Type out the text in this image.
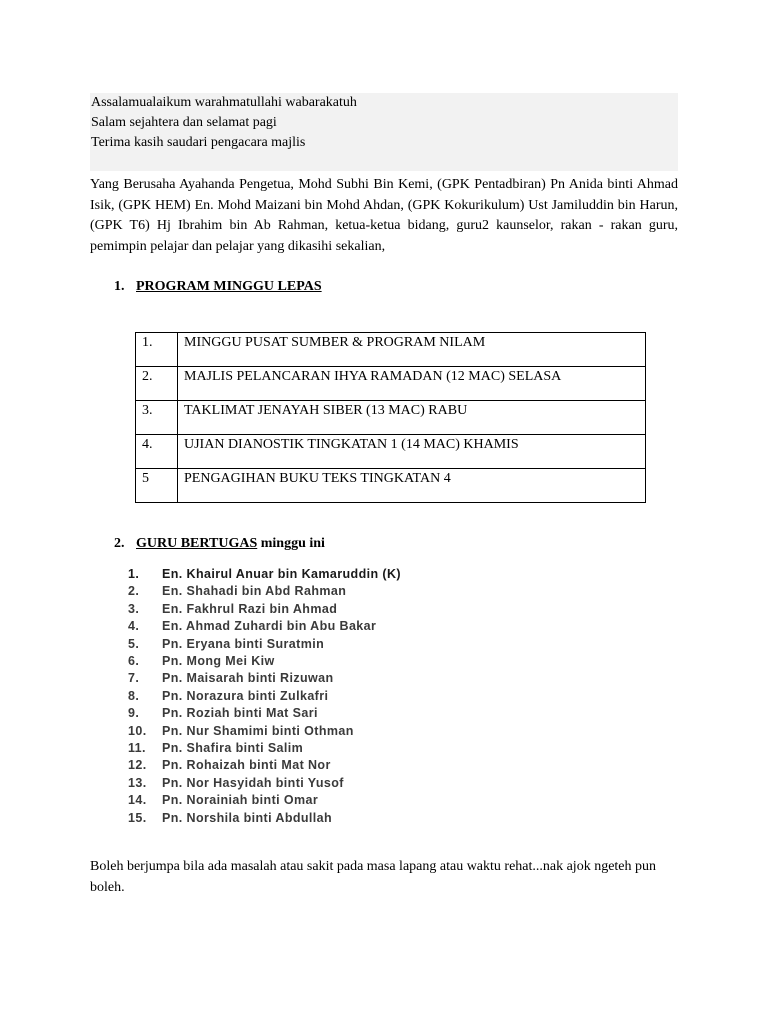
Assalamualaikum warahmatullahi wabarakatuh
Salam sejahtera dan selamat pagi
Terima kasih saudari pengacara majlis
Yang Berusaha Ayahanda Pengetua, Mohd Subhi Bin Kemi, (GPK Pentadbiran) Pn Anida binti Ahmad Isik, (GPK HEM) En. Mohd Maizani bin Mohd Ahdan, (GPK Kokurikulum) Ust Jamiluddin bin Harun, (GPK T6) Hj Ibrahim bin Ab Rahman, ketua-ketua bidang, guru2 kaunselor, rakan - rakan guru, pemimpin pelajar dan pelajar yang dikasihi sekalian,
1. PROGRAM MINGGU LEPAS
1.	MINGGU PUSAT SUMBER & PROGRAM NILAM
2.	MAJLIS PELANCARAN IHYA RAMADAN (12 MAC) SELASA
3.	TAKLIMAT JENAYAH SIBER (13 MAC) RABU
4.	UJIAN DIANOSTIK TINGKATAN 1 (14 MAC) KHAMIS
5	PENGAGIHAN BUKU TEKS TINGKATAN 4
2. GURU BERTUGAS minggu ini
1. En. Khairul Anuar bin Kamaruddin (K)
2. En. Shahadi bin Abd Rahman
3. En. Fakhrul Razi bin Ahmad
4. En. Ahmad Zuhardi bin Abu Bakar
5. Pn. Eryana binti Suratmin
6. Pn. Mong Mei Kiw
7. Pn. Maisarah binti Rizuwan
8. Pn. Norazura binti Zulkafri
9. Pn. Roziah binti Mat Sari
10. Pn. Nur Shamimi binti Othman
11. Pn. Shafira binti Salim
12. Pn. Rohaizah binti Mat Nor
13. Pn. Nor Hasyidah binti Yusof
14. Pn. Norainiah binti Omar
15. Pn. Norshila binti Abdullah
Boleh berjumpa bila ada masalah atau sakit pada masa lapang atau waktu rehat...nak ajok ngeteh pun boleh.
